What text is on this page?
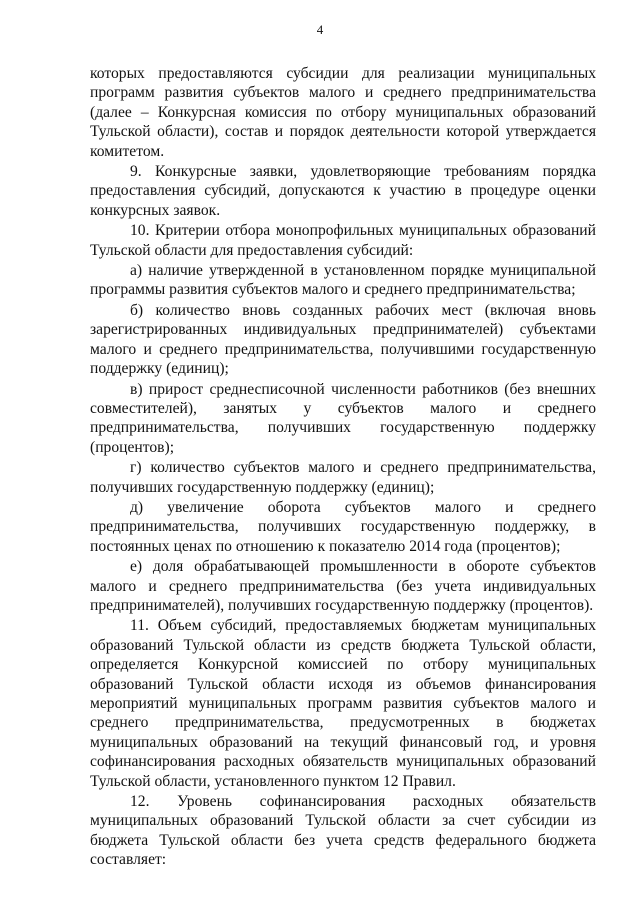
4

которых предоставляются субсидии для реализации муниципальных программ развития субъектов малого и среднего предпринимательства (далее – Конкурсная комиссия по отбору муниципальных образований Тульской области), состав и порядок деятельности которой утверждается комитетом.

9. Конкурсные заявки, удовлетворяющие требованиям порядка предоставления субсидий, допускаются к участию в процедуре оценки конкурсных заявок.

10. Критерии отбора монопрофильных муниципальных образований Тульской области для предоставления субсидий:

а) наличие утвержденной в установленном порядке муниципальной программы развития субъектов малого и среднего предпринимательства;

б) количество вновь созданных рабочих мест (включая вновь зарегистрированных индивидуальных предпринимателей) субъектами малого и среднего предпринимательства, получившими государственную поддержку (единиц);

в) прирост среднесписочной численности работников (без внешних совместителей), занятых у субъектов малого и среднего предпринимательства, получивших государственную поддержку (процентов);

г) количество субъектов малого и среднего предпринимательства, получивших государственную поддержку (единиц);

д) увеличение оборота субъектов малого и среднего предпринимательства, получивших государственную поддержку, в постоянных ценах по отношению к показателю 2014 года (процентов);

е) доля обрабатывающей промышленности в обороте субъектов малого и среднего предпринимательства (без учета индивидуальных предпринимателей), получивших государственную поддержку (процентов).

11. Объем субсидий, предоставляемых бюджетам муниципальных образований Тульской области из средств бюджета Тульской области, определяется Конкурсной комиссией по отбору муниципальных образований Тульской области исходя из объемов финансирования мероприятий муниципальных программ развития субъектов малого и среднего предпринимательства, предусмотренных в бюджетах муниципальных образований на текущий финансовый год, и уровня софинансирования расходных обязательств муниципальных образований Тульской области, установленного пунктом 12 Правил.

12. Уровень софинансирования расходных обязательств муниципальных образований Тульской области за счет субсидии из бюджета Тульской области без учета средств федерального бюджета составляет:
